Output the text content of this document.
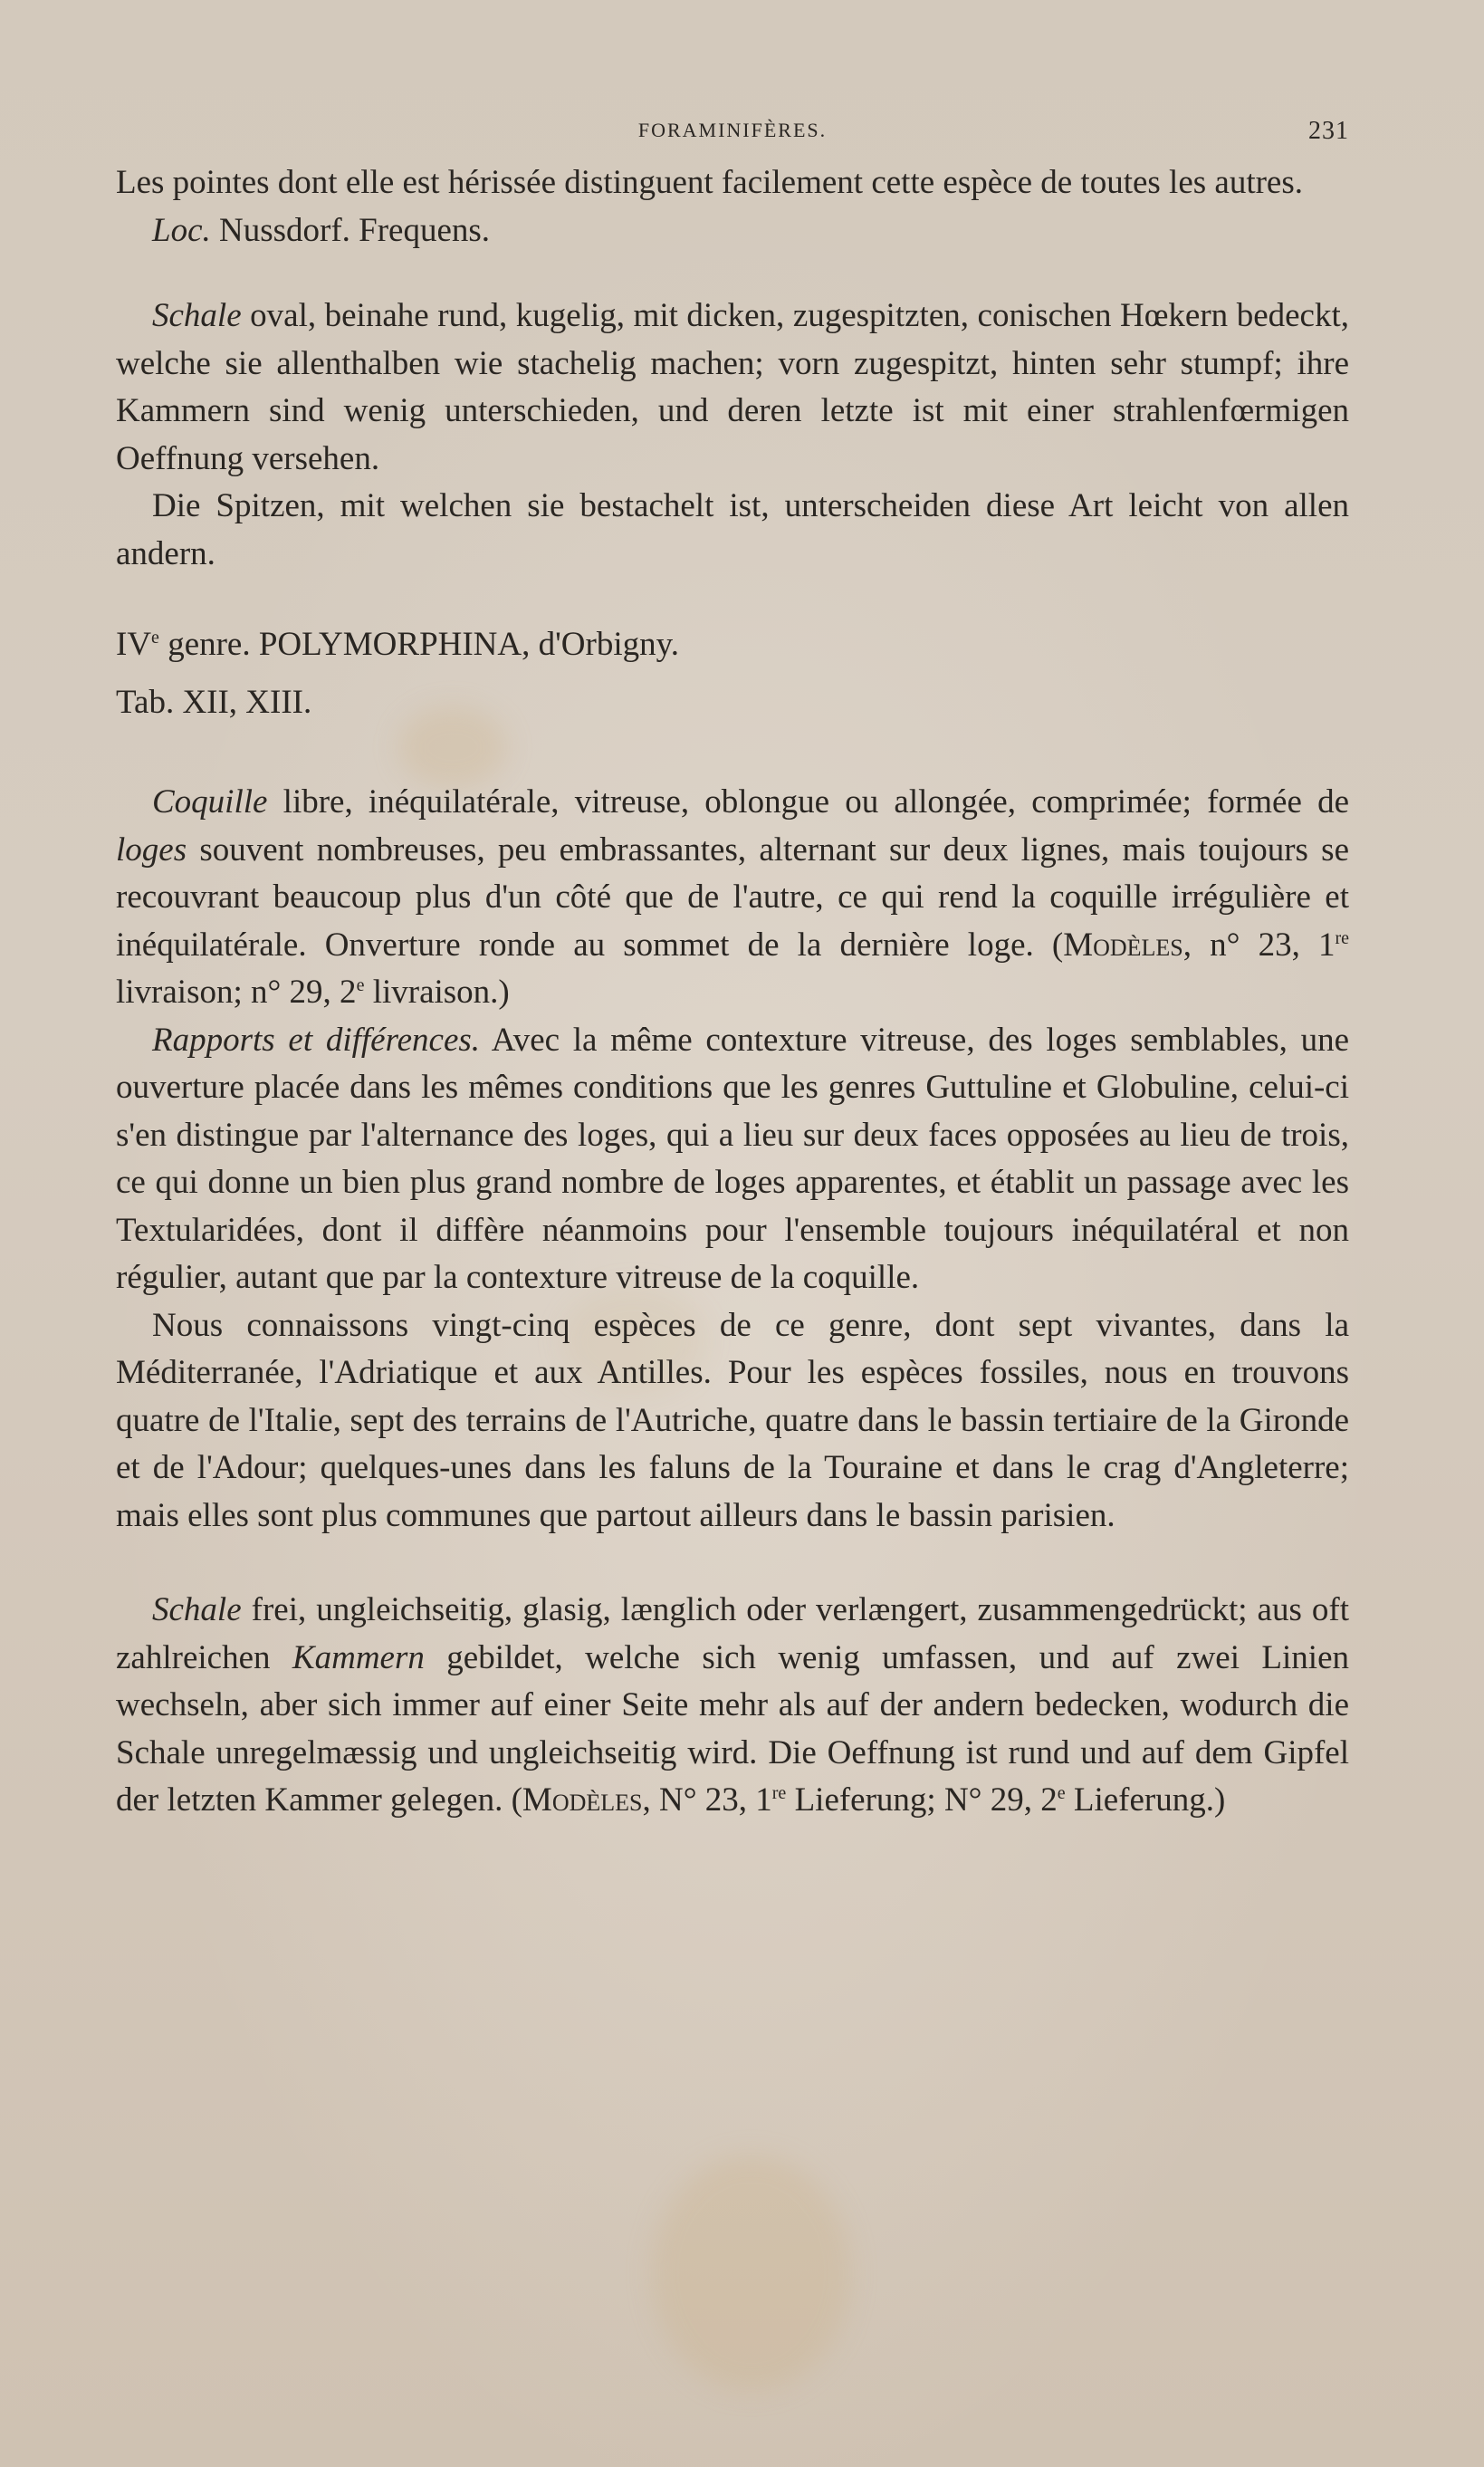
FORAMINIFÈRES.	231

Les pointes dont elle est hérissée distinguent facilement cette espèce de toutes les autres.

Loc. Nussdorf. Frequens.

Schale oval, beinahe rund, kugelig, mit dicken, zugespitzten, conischen Hœkern bedeckt, welche sie allenthalben wie stachelig machen; vorn zugespitzt, hinten sehr stumpf; ihre Kammern sind wenig unterschieden, und deren letzte ist mit einer strahlenfœrmigen Oeffnung versehen.

Die Spitzen, mit welchen sie bestachelt ist, unterscheiden diese Art leicht von allen andern.

IVe genre. POLYMORPHINA, d'Orbigny.

Tab. XII, XIII.

Coquille libre, inéquilatérale, vitreuse, oblongue ou allongée, comprimée; formée de loges souvent nombreuses, peu embrassantes, alternant sur deux lignes, mais toujours se recouvrant beaucoup plus d'un côté que de l'autre, ce qui rend la coquille irrégulière et inéquilatérale. Onverture ronde au sommet de la dernière loge. (Modèles, n° 23, 1re livraison; n° 29, 2e livraison.)

Rapports et différences. Avec la même contexture vitreuse, des loges semblables, une ouverture placée dans les mêmes conditions que les genres Guttuline et Globuline, celui-ci s'en distingue par l'alternance des loges, qui a lieu sur deux faces opposées au lieu de trois, ce qui donne un bien plus grand nombre de loges apparentes, et établit un passage avec les Textularidées, dont il diffère néanmoins pour l'ensemble toujours inéquilatéral et non régulier, autant que par la contexture vitreuse de la coquille.

Nous connaissons vingt-cinq espèces de ce genre, dont sept vivantes, dans la Méditerranée, l'Adriatique et aux Antilles. Pour les espèces fossiles, nous en trouvons quatre de l'Italie, sept des terrains de l'Autriche, quatre dans le bassin tertiaire de la Gironde et de l'Adour; quelques-unes dans les faluns de la Touraine et dans le crag d'Angleterre; mais elles sont plus communes que partout ailleurs dans le bassin parisien.

Schale frei, ungleichseitig, glasig, længlich oder verlængert, zusammengedrückt; aus oft zahlreichen Kammern gebildet, welche sich wenig umfassen, und auf zwei Linien wechseln, aber sich immer auf einer Seite mehr als auf der andern bedecken, wodurch die Schale unregelmæssig und ungleichseitig wird. Die Oeffnung ist rund und auf dem Gipfel der letzten Kammer gelegen. (Modèles, N° 23, 1re Lieferung; N° 29, 2e Lieferung.)
